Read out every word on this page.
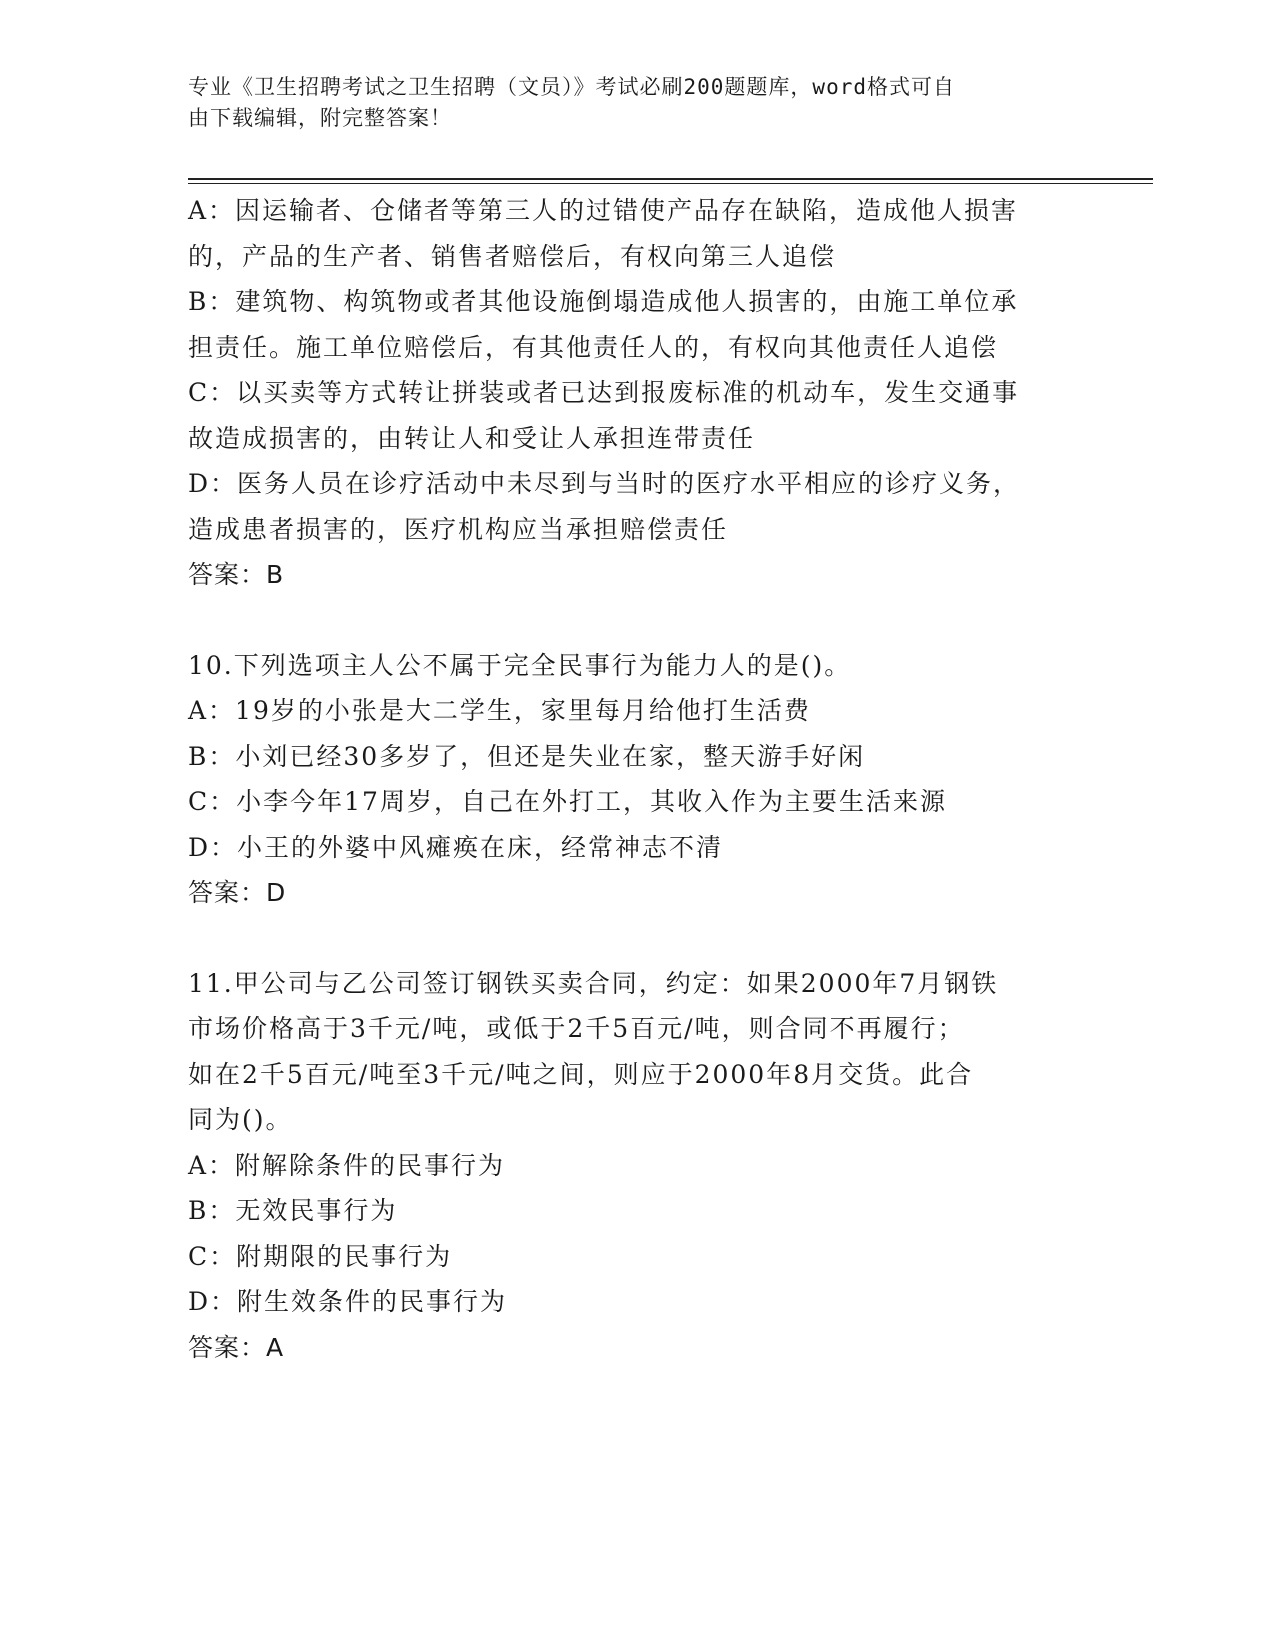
专业《卫生招聘考试之卫生招聘（文员）》考试必刷200题题库，word格式可自
由下载编辑，附完整答案！
A：因运输者、仓储者等第三人的过错使产品存在缺陷，造成他人损害
的，产品的生产者、销售者赔偿后，有权向第三人追偿
B：建筑物、构筑物或者其他设施倒塌造成他人损害的，由施工单位承
担责任。施工单位赔偿后，有其他责任人的，有权向其他责任人追偿
C：以买卖等方式转让拼装或者已达到报废标准的机动车，发生交通事
故造成损害的，由转让人和受让人承担连带责任
D：医务人员在诊疗活动中未尽到与当时的医疗水平相应的诊疗义务，
造成患者损害的，医疗机构应当承担赔偿责任
答案：B
10.下列选项主人公不属于完全民事行为能力人的是()。
A：19岁的小张是大二学生，家里每月给他打生活费
B：小刘已经30多岁了，但还是失业在家，整天游手好闲
C：小李今年17周岁，自己在外打工，其收入作为主要生活来源
D：小王的外婆中风瘫痪在床，经常神志不清
答案：D
11.甲公司与乙公司签订钢铁买卖合同，约定：如果2000年7月钢铁
市场价格高于3千元/吨，或低于2千5百元/吨，则合同不再履行；
如在2千5百元/吨至3千元/吨之间，则应于2000年8月交货。此合
同为()。
A：附解除条件的民事行为
B：无效民事行为
C：附期限的民事行为
D：附生效条件的民事行为
答案：A
